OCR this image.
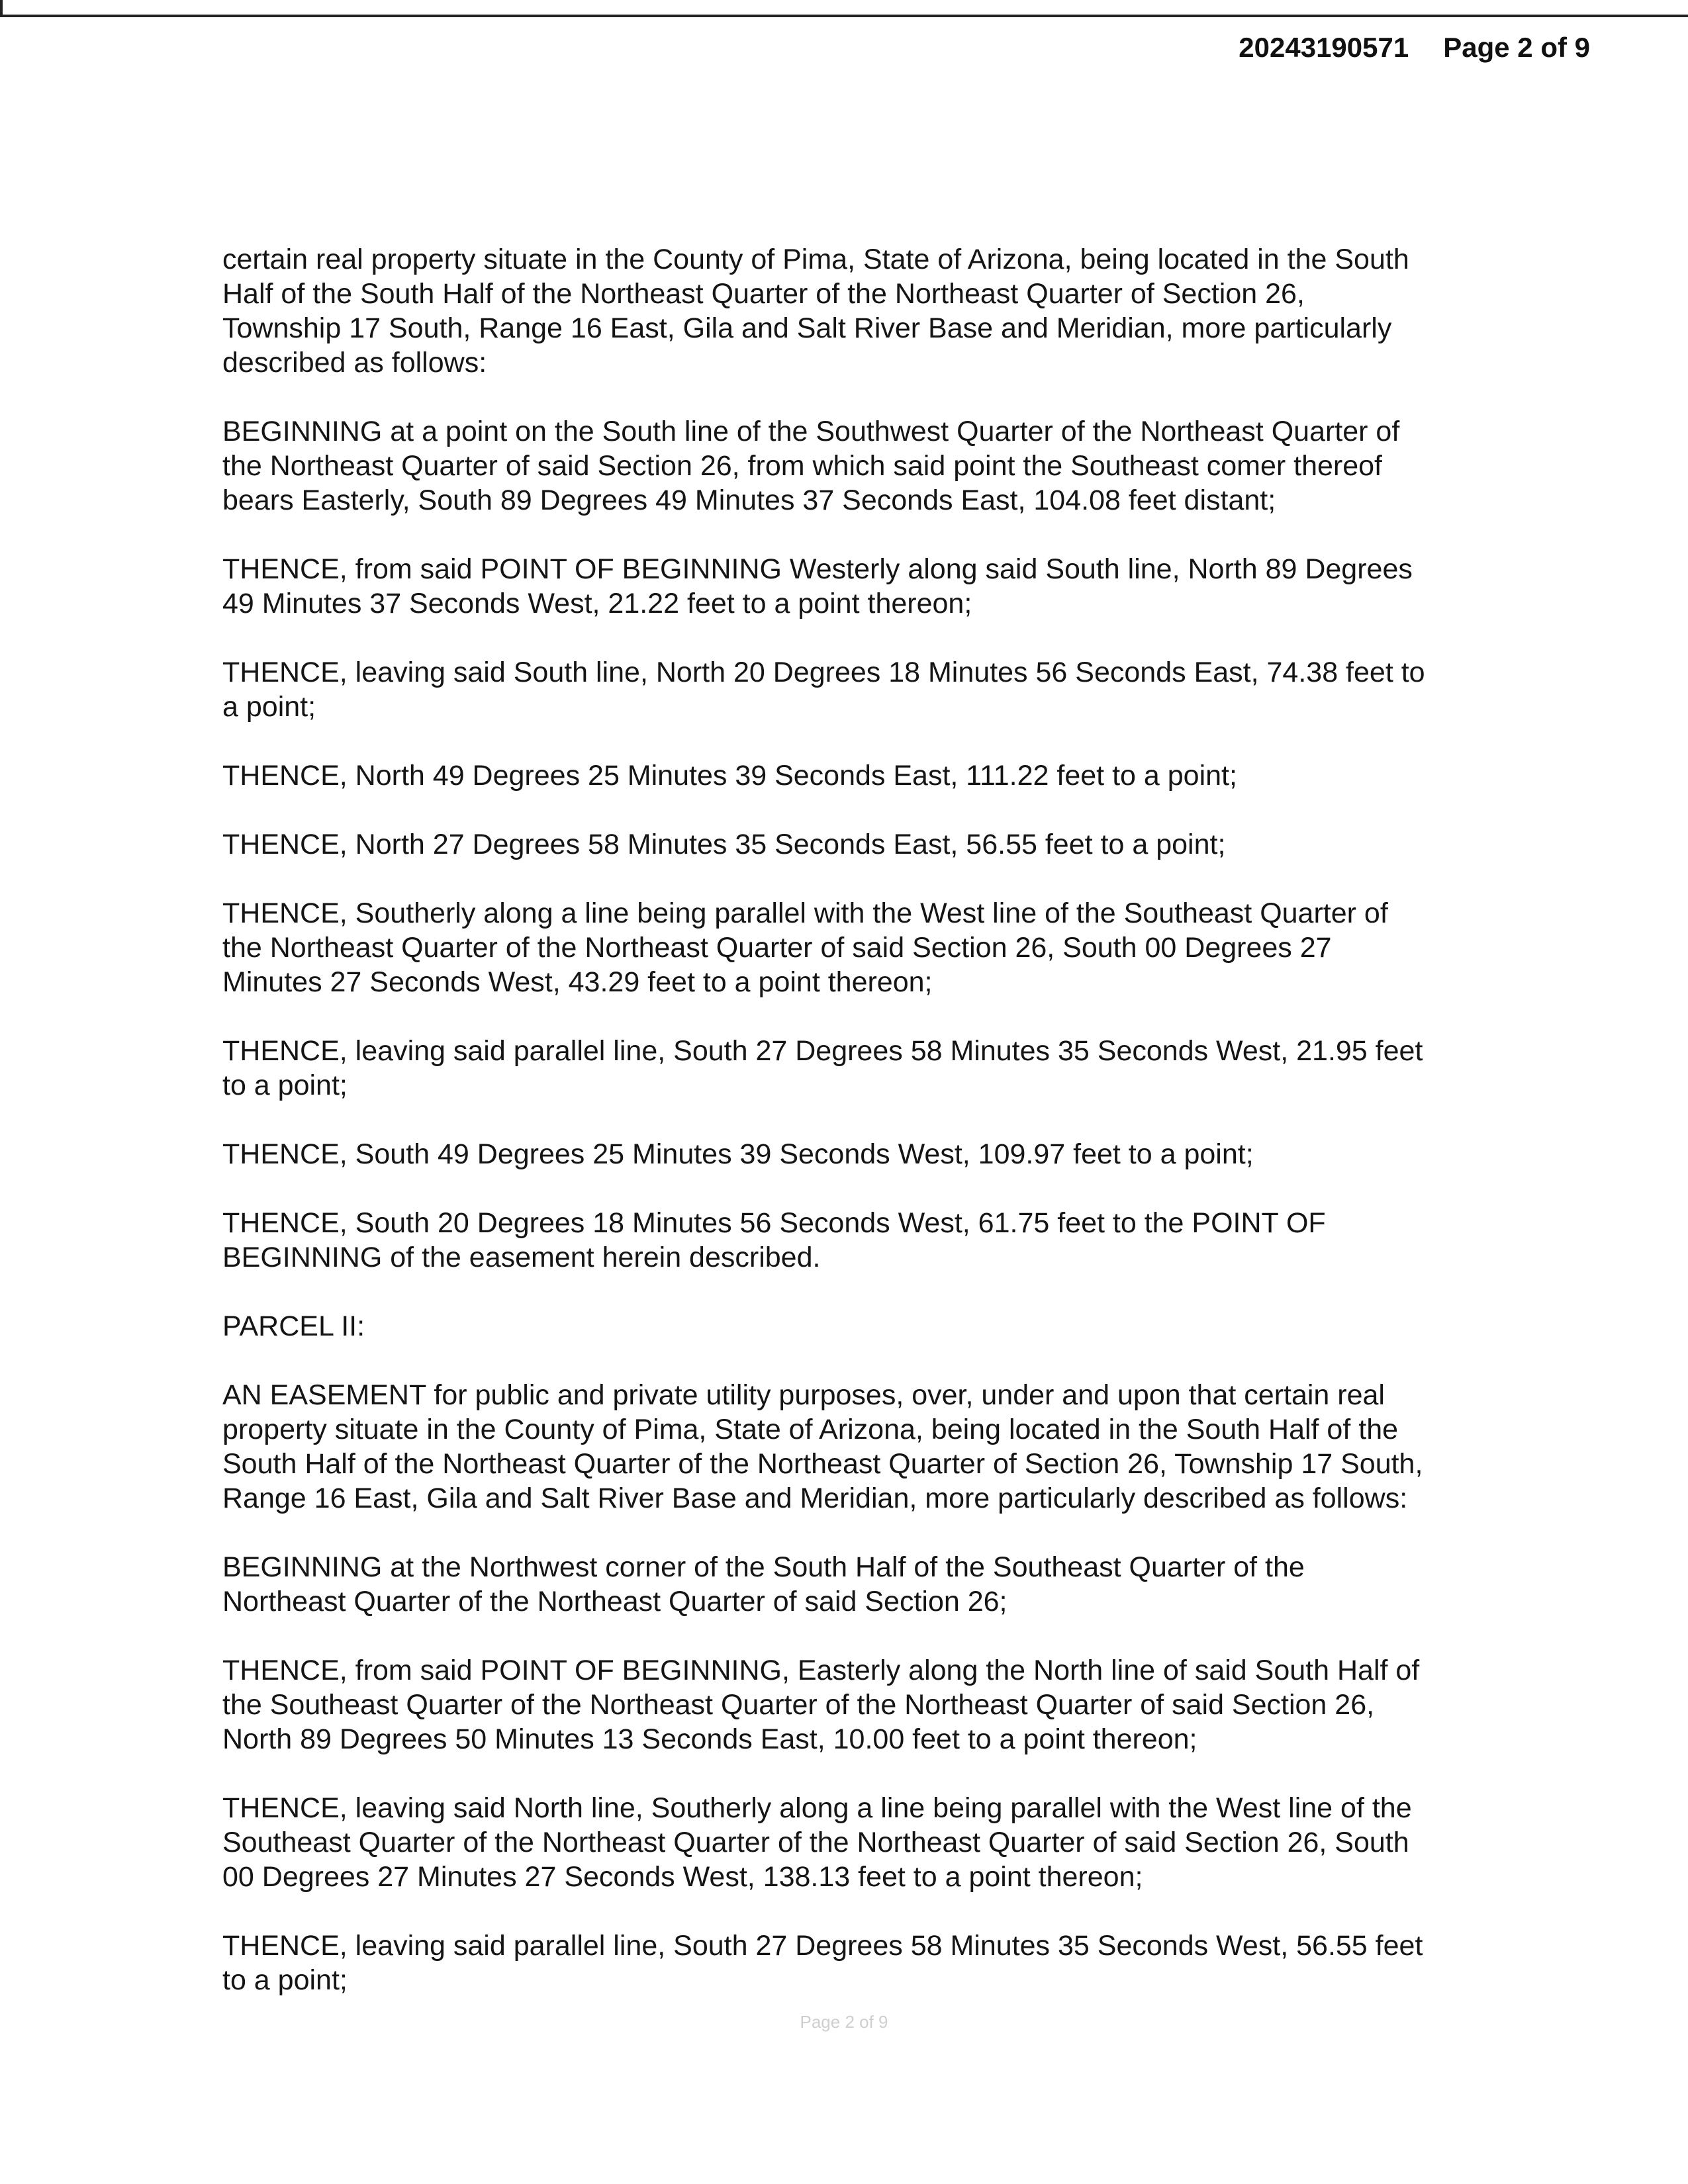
20243190571 Page 2 of 9
certain real property situate in the County of Pima, State of Arizona, being located in the South
Half of the South Half of the Northeast Quarter of the Northeast Quarter of Section 26,
Township 17 South, Range 16 East, Gila and Salt River Base and Meridian, more particularly
described as follows:
BEGINNING at a point on the South line of the Southwest Quarter of the Northeast Quarter of
the Northeast Quarter of said Section 26, from which said point the Southeast comer thereof
bears Easterly, South 89 Degrees 49 Minutes 37 Seconds East, 104.08 feet distant;
THENCE, from said POINT OF BEGINNING Westerly along said South line, North 89 Degrees
49 Minutes 37 Seconds West, 21.22 feet to a point thereon;
THENCE, leaving said South line, North 20 Degrees 18 Minutes 56 Seconds East, 74.38 feet to
a point;
THENCE, North 49 Degrees 25 Minutes 39 Seconds East, 111.22 feet to a point;
THENCE, North 27 Degrees 58 Minutes 35 Seconds East, 56.55 feet to a point;
THENCE, Southerly along a line being parallel with the West line of the Southeast Quarter of
the Northeast Quarter of the Northeast Quarter of said Section 26, South 00 Degrees 27
Minutes 27 Seconds West, 43.29 feet to a point thereon;
THENCE, leaving said parallel line, South 27 Degrees 58 Minutes 35 Seconds West, 21.95 feet
to a point;
THENCE, South 49 Degrees 25 Minutes 39 Seconds West, 109.97 feet to a point;
THENCE, South 20 Degrees 18 Minutes 56 Seconds West, 61.75 feet to the POINT OF
BEGINNING of the easement herein described.
PARCEL II:
AN EASEMENT for public and private utility purposes, over, under and upon that certain real
property situate in the County of Pima, State of Arizona, being located in the South Half of the
South Half of the Northeast Quarter of the Northeast Quarter of Section 26, Township 17 South,
Range 16 East, Gila and Salt River Base and Meridian, more particularly described as follows:
BEGINNING at the Northwest corner of the South Half of the Southeast Quarter of the
Northeast Quarter of the Northeast Quarter of said Section 26;
THENCE, from said POINT OF BEGINNING, Easterly along the North line of said South Half of
the Southeast Quarter of the Northeast Quarter of the Northeast Quarter of said Section 26,
North 89 Degrees 50 Minutes 13 Seconds East, 10.00 feet to a point thereon;
THENCE, leaving said North line, Southerly along a line being parallel with the West line of the
Southeast Quarter of the Northeast Quarter of the Northeast Quarter of said Section 26, South
00 Degrees 27 Minutes 27 Seconds West, 138.13 feet to a point thereon;
THENCE, leaving said parallel line, South 27 Degrees 58 Minutes 35 Seconds West, 56.55 feet
to a point;
Page 2 of 9
